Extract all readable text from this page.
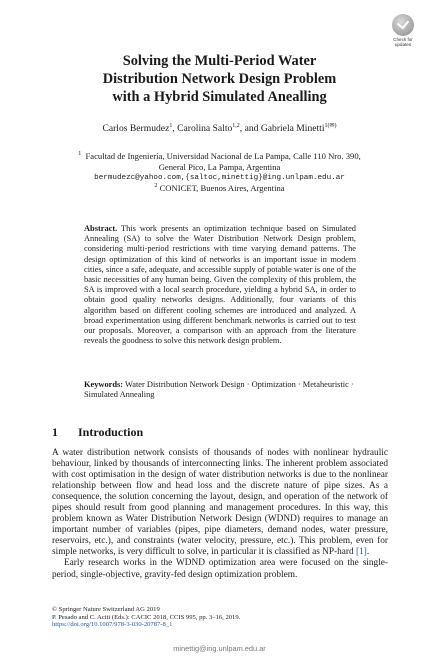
Check for
updates
Solving the Multi-Period Water
Distribution Network Design Problem
with a Hybrid Simulated Anealling
Carlos Bermudez$^1$, Carolina Salto$^{1,2}$, and Gabriela Minetti$^{1(✉)}$
$^1$ Facultad de Ingeniería, Universidad Nacional de La Pampa, Calle 110 Nro. 390,
General Pico, La Pampa, Argentina
bermudezc@yahoo.com,{saltoc,minettig}@ing.unlpam.edu.ar
$^2$ CONICET, Buenos Aires, Argentina
Abstract. This work presents an optimization technique based on Simulated Annealing (SA) to solve the Water Distribution Network Design problem, considering multi-period restrictions with time varying demand patterns. The design optimization of this kind of networks is an important issue in modern cities, since a safe, adequate, and accessible supply of potable water is one of the basic necessities of any human being. Given the complexity of this problem, the SA is improved with a local search procedure, yielding a hybrid SA, in order to obtain good quality networks designs. Additionally, four variants of this algorithm based on different cooling schemes are introduced and analyzed. A broad experimentation using different benchmark networks is carried out to test our proposals. Moreover, a comparison with an approach from the literature reveals the goodness to solve this network design problem.
Keywords: Water Distribution Network Design · Optimization · Metaheuristic · Simulated Annealing
1 Introduction

A water distribution network consists of thousands of nodes with nonlinear hydraulic behaviour, linked by thousands of interconnecting links. The inherent problem associated with cost optimisation in the design of water distribution networks is due to the nonlinear relationship between flow and head loss and the discrete nature of pipe sizes. As a consequence, the solution concerning the layout, design, and operation of the network of pipes should result from good planning and management procedures. In this way, this problem known as Water Distribution Network Design (WDND) requires to manage an important number of variables (pipes, pipe diameters, demand nodes, water pressure, reservoirs, etc.), and constraints (water velocity, pressure, etc.). This problem, even for simple networks, is very difficult to solve, in particular it is classified as NP-hard [1].

Early research works in the WDND optimization area were focused on the single-period, single-objective, gravity-fed design optimization problem.

© Springer Nature Switzerland AG 2019
P. Pesado and C. Aciti (Eds.): CACIC 2018, CCIS 995, pp. 3–16, 2019.
https://doi.org/10.1007/978-3-030-20787-8_1
minettig@ing.unlpam.edu.ar
